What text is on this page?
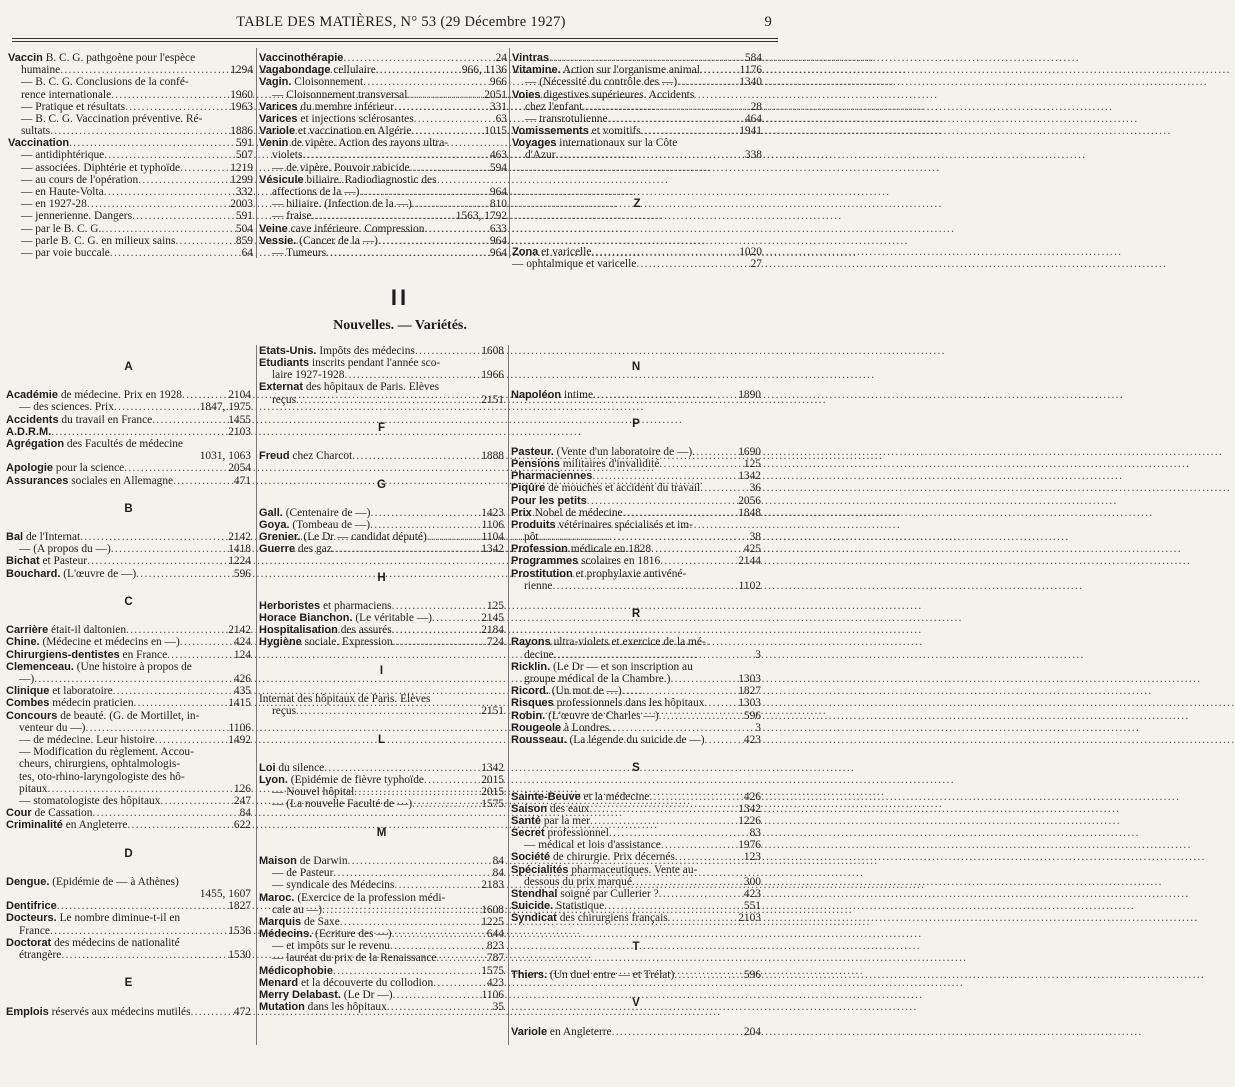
TABLE DES MATIÈRES, N° 53 (29 Décembre 1927)	9
Vaccin B. C. G. pathgoène pour l'espèce
humaine .....	1294
— B. C. G. Conclusions de la confé-
rence internationale .....	1960
— Pratique et résultats .....	1963
— B. C. G. Vaccination préventive. Ré-
sultats .....	1886
Vaccination .....	591
— antidiphtérique .....	507
— associées. Diphtérie et typhoïde .....	1219
— au cours de l'opération .....	1299
— en Haute-Volta .....	332
— en 1927-28 .....	2003
— jennerienne. Dangers .....	591
— par le B. C. G. .....	504
— parle B. C. G. en milieux sains .....	859
— par voie buccale .....	64
Vaccinothérapie .....	24
Vagabondage cellulaire .....	966, 1136
Vagin. Cloisonnement .....	966
— Cloisonnement transversal .....	2051
Varices du membre inférieur .....	331
Varices et injections sclérosantes .....	63
Variole et vaccination en Algérie .....	1015
Venin de vipère. Action des rayons ultra-
violets .....	463
— de vipère. Pouvoir rabicide .....	594
Vésicule biliaire. Radiodiagnostic des
affections de la —) .....	964
— biliaire. (Infection de la —) .....	810
— fraise .....	1563, 1792
Veine cave inférieure. Compression .....	633
Vessie. (Cancer de la —) .....	964
— Tumeurs .....	964
Vintras .....	584
Vitamine. Action sur l'organisme animal .....	1176
— (Nécessité du contrôle des —) .....	1340
Voies digestives supérieures. Accidents
chez l'enfant .....	28
— transrotulienne .....	464
Vomissements et vomitifs .....	1941
Voyages internationaux sur la Côte
d'Azur .....	338
Z
Zona et varicelle .....	1020
— ophtalmique et varicelle .....	27
II
Nouvelles. — Variétés.
A
Académie de médecine. Prix en 1928 .....	2104
— des sciences. Prix .....	1847, 1975
Accidents du travail en France .....	1455
A.D.R.M. .....	2103
Agrégation des Facultés de médecine
1031, 1063
Apologie pour la science .....	2054
Assurances sociales en Allemagne .....	471
B
Bal de l'Internat .....	2142
— (A propos du —) .....	1418
Bichat et Pasteur .....	1224
Bouchard. (L'œuvre de —) .....	596
C
Carrière était-il daltonien .....	2142
Chine. (Médecine et médecins en —) .....	424
Chirurgiens-dentistes en France .....	124
Clemenceau. (Une histoire à propos de
—) .....	426
Clinique et laboratoire .....	435
Combes médecin praticien .....	1415
Concours de beauté. (G. de Mortillet, in-
venteur du —) .....	1106
— de médecine. Leur histoire .....	1492
— Modification du règlement. Accou-
cheurs, chirurgiens, ophtalmologis-
tes, oto-rhino-laryngologiste des hô-
pitaux .....	126
— stomatologiste des hôpitaux .....	247
Cour de Cassation .....	84
Criminalité en Angleterre .....	622
D
Dengue. (Epidémie de — à Athènes)
1455, 1607
Dentifrice .....	1827
Docteurs. Le nombre diminue-t-il en
France .....	1536
Doctorat des médecins de nationalité
étrangère .....	1530
E
Emplois réservés aux médecins mutilés .....	472
Etats-Unis. Impôts des médecins .....	1608
Etudiants inscrits pendant l'année sco-
laire 1927-1928 .....	1966
Externat des hôpitaux de Paris. Elèves
reçus .....	2151
F
Freud chez Charcot .....	1888
G
Gall. (Centenaire de —) .....	1423
Goya. (Tombeau de —) .....	1106
Grenier. (Le Dr — candidat député) .....	1104
Guerre des gaz .....	1342
H
Herboristes et pharmaciens .....	125
Horace Bianchon. (Le véritable —) .....	2145
Hospitalisation des assurés .....	2184
Hygiène sociale. Expression .....	724
I
Internat des hôpitaux de Paris. Elèves
reçus .....	2151
L
Loi du silence .....	1342
Lyon. (Epidémie de fièvre typhoïde .....	2015
— Nouvel hôpital .....	2015
— (La nouvelle Faculté de —) .....	1575
M
Maison de Darwin .....	84
— de Pasteur .....	84
— syndicale des Médecins .....	2183
Maroc. (Exercice de la profession médi-
cale au —) .....	1608
Marquis de Saxe .....	1225
Médecins. (Ecriture des —) .....	644
— et impôts sur le revenu .....	823
— lauréat du prix de la Renaissance .....	787
Médicophobie .....	1575
Menard et la découverte du collodion .....	423
Merry Delabast. (Le Dr —) .....	1106
Mutation dans les hôpitaux .....	35
N
Napoléon intime .....	1890
P
Pasteur. (Vente d'un laboratoire de —) .....	1690
Pensions militaires d'invalidité .....	125
Pharmaciennes .....	1342
Piqûre de mouches et accident du travail .....	36
Pour les petits .....	2056
Prix Nobel de médecine .....	1848
Produits vétérinaires spécialisés et im-
pôt .....	38
Profession médicale en 1828 .....	425
Programmes scolaires en 1816 .....	2144
Prostitution et prophylaxie antivéné-
rienne .....	1102
R
Rayons ultra-violets et exercice de la mé-
decine .....	3
Ricklin. (Le Dr — et son inscription au
groupe médical de la Chambre.) .....	1303
Ricord. (Un mot de —) .....	1827
Risques professionnels dans les hôpitaux .....	1303
Robin. (L'œuvre de Charles —) .....	596
Rougeole à Londres .....	3
Rousseau. (La légende du suicide de —) .....	423
S
Sainte-Beuve et la médecine .....	426
Saison des eaux .....	1342
Santé par la mer .....	1226
Secret professionnel .....	83
— médical et lois d'assistance .....	1976
Société de chirurgie. Prix décernés .....	123
Spécialités pharmaceutiques. Vente au-
dessous du prix marqué .....	300
Stendhal soigné par Cullerier ? .....	423
Suicide. Statistique .....	551
Syndicat des chirurgiens français .....	2103
T
Thiers. (Un duel entre — et Trélat) .....	596
V
Variole en Angleterre .....	204
